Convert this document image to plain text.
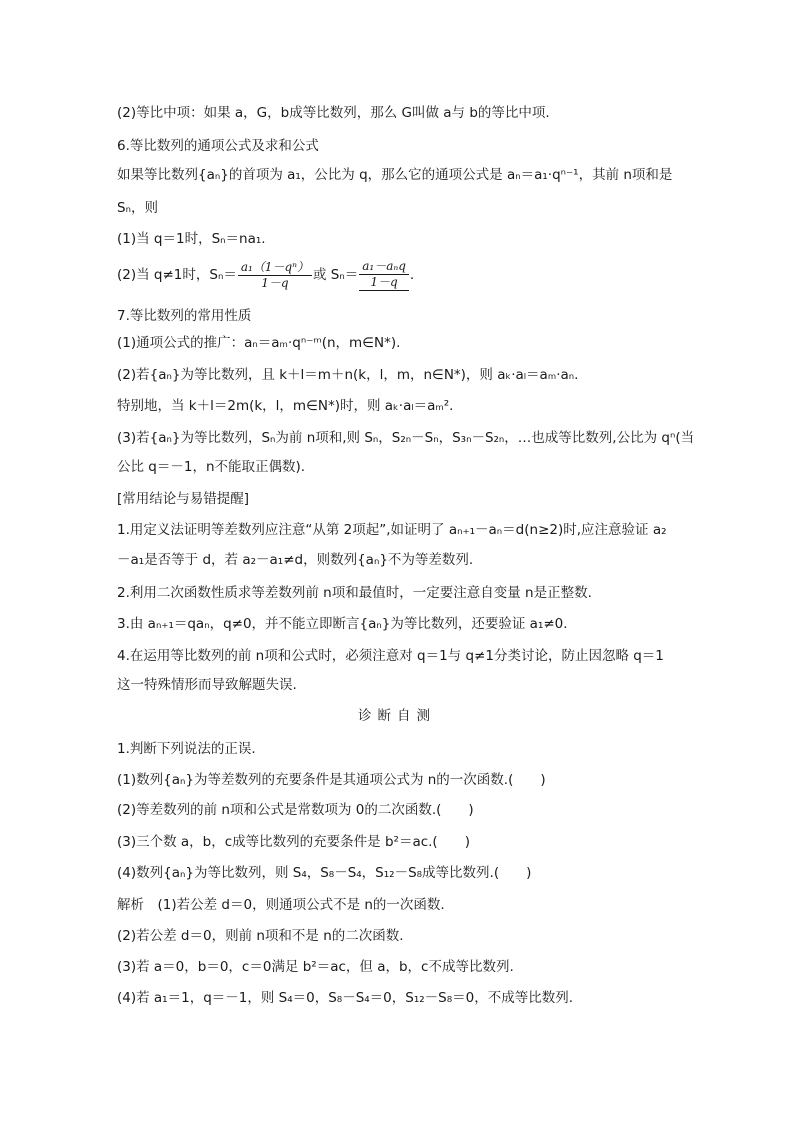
(2)等比中项：如果 a，G，b成等比数列，那么 G叫做 a与 b的等比中项.
6.等比数列的通项公式及求和公式
如果等比数列{aₙ}的首项为 a₁，公比为 q，那么它的通项公式是 aₙ＝a₁·qⁿ⁻¹，其前 n项和是
Sₙ，则
(1)当 q＝1时，Sₙ＝na₁.
(2)当 q≠1时，$S_n= \frac{\text{a₁（1－qⁿ）}}{1-q}$ 或 $S_n= \frac{\text{a₁－aₙq}}{1-q}$ .
7.等比数列的常用性质
(1)通项公式的推广：aₙ＝aₘ·qⁿ⁻ᵐ(n，m∈N*).
(2)若{aₙ}为等比数列，且 k＋l＝m＋n(k，l，m，n∈N*)，则 aₖ·aₗ＝aₘ·aₙ.
特别地，当 k＋l＝2m(k，l，m∈N*)时，则 aₖ·aₗ＝aₘ².
(3)若{aₙ}为等比数列，Sₙ为前 n项和,则 Sₙ，S₂ₙ－Sₙ，S₃ₙ－S₂ₙ，…也成等比数列,公比为 qⁿ(当
公比 q＝－1，n不能取正偶数).
[常用结论与易错提醒]
1.用定义法证明等差数列应注意“从第 2项起”,如证明了 aₙ₊₁－aₙ＝d(n≥2)时,应注意验证 a₂
－a₁是否等于 d，若 a₂－a₁≠d，则数列{aₙ}不为等差数列.
2.利用二次函数性质求等差数列前 n项和最值时，一定要注意自变量 n是正整数.
3.由 aₙ₊₁＝qaₙ，q≠0，并不能立即断言{aₙ}为等比数列，还要验证 a₁≠0.
4.在运用等比数列的前 n项和公式时，必须注意对 q＝1与 q≠1分类讨论，防止因忽略 q＝1
这一特殊情形而导致解题失误.
诊断自测
1.判断下列说法的正误.
(1)数列{aₙ}为等差数列的充要条件是其通项公式为 n的一次函数.(　　)
(2)等差数列的前 n项和公式是常数项为 0的二次函数.(　　)
(3)三个数 a，b，c成等比数列的充要条件是 b²＝ac.(　　)
(4)数列{aₙ}为等比数列，则 S₄，S₈－S₄，S₁₂－S₈成等比数列.(　　)
解析　(1)若公差 d＝0，则通项公式不是 n的一次函数.
(2)若公差 d＝0，则前 n项和不是 n的二次函数.
(3)若 a＝0，b＝0，c＝0满足 b²＝ac，但 a，b，c不成等比数列.
(4)若 a₁＝1，q＝－1，则 S₄＝0，S₈－S₄＝0，S₁₂－S₈＝0，不成等比数列.
